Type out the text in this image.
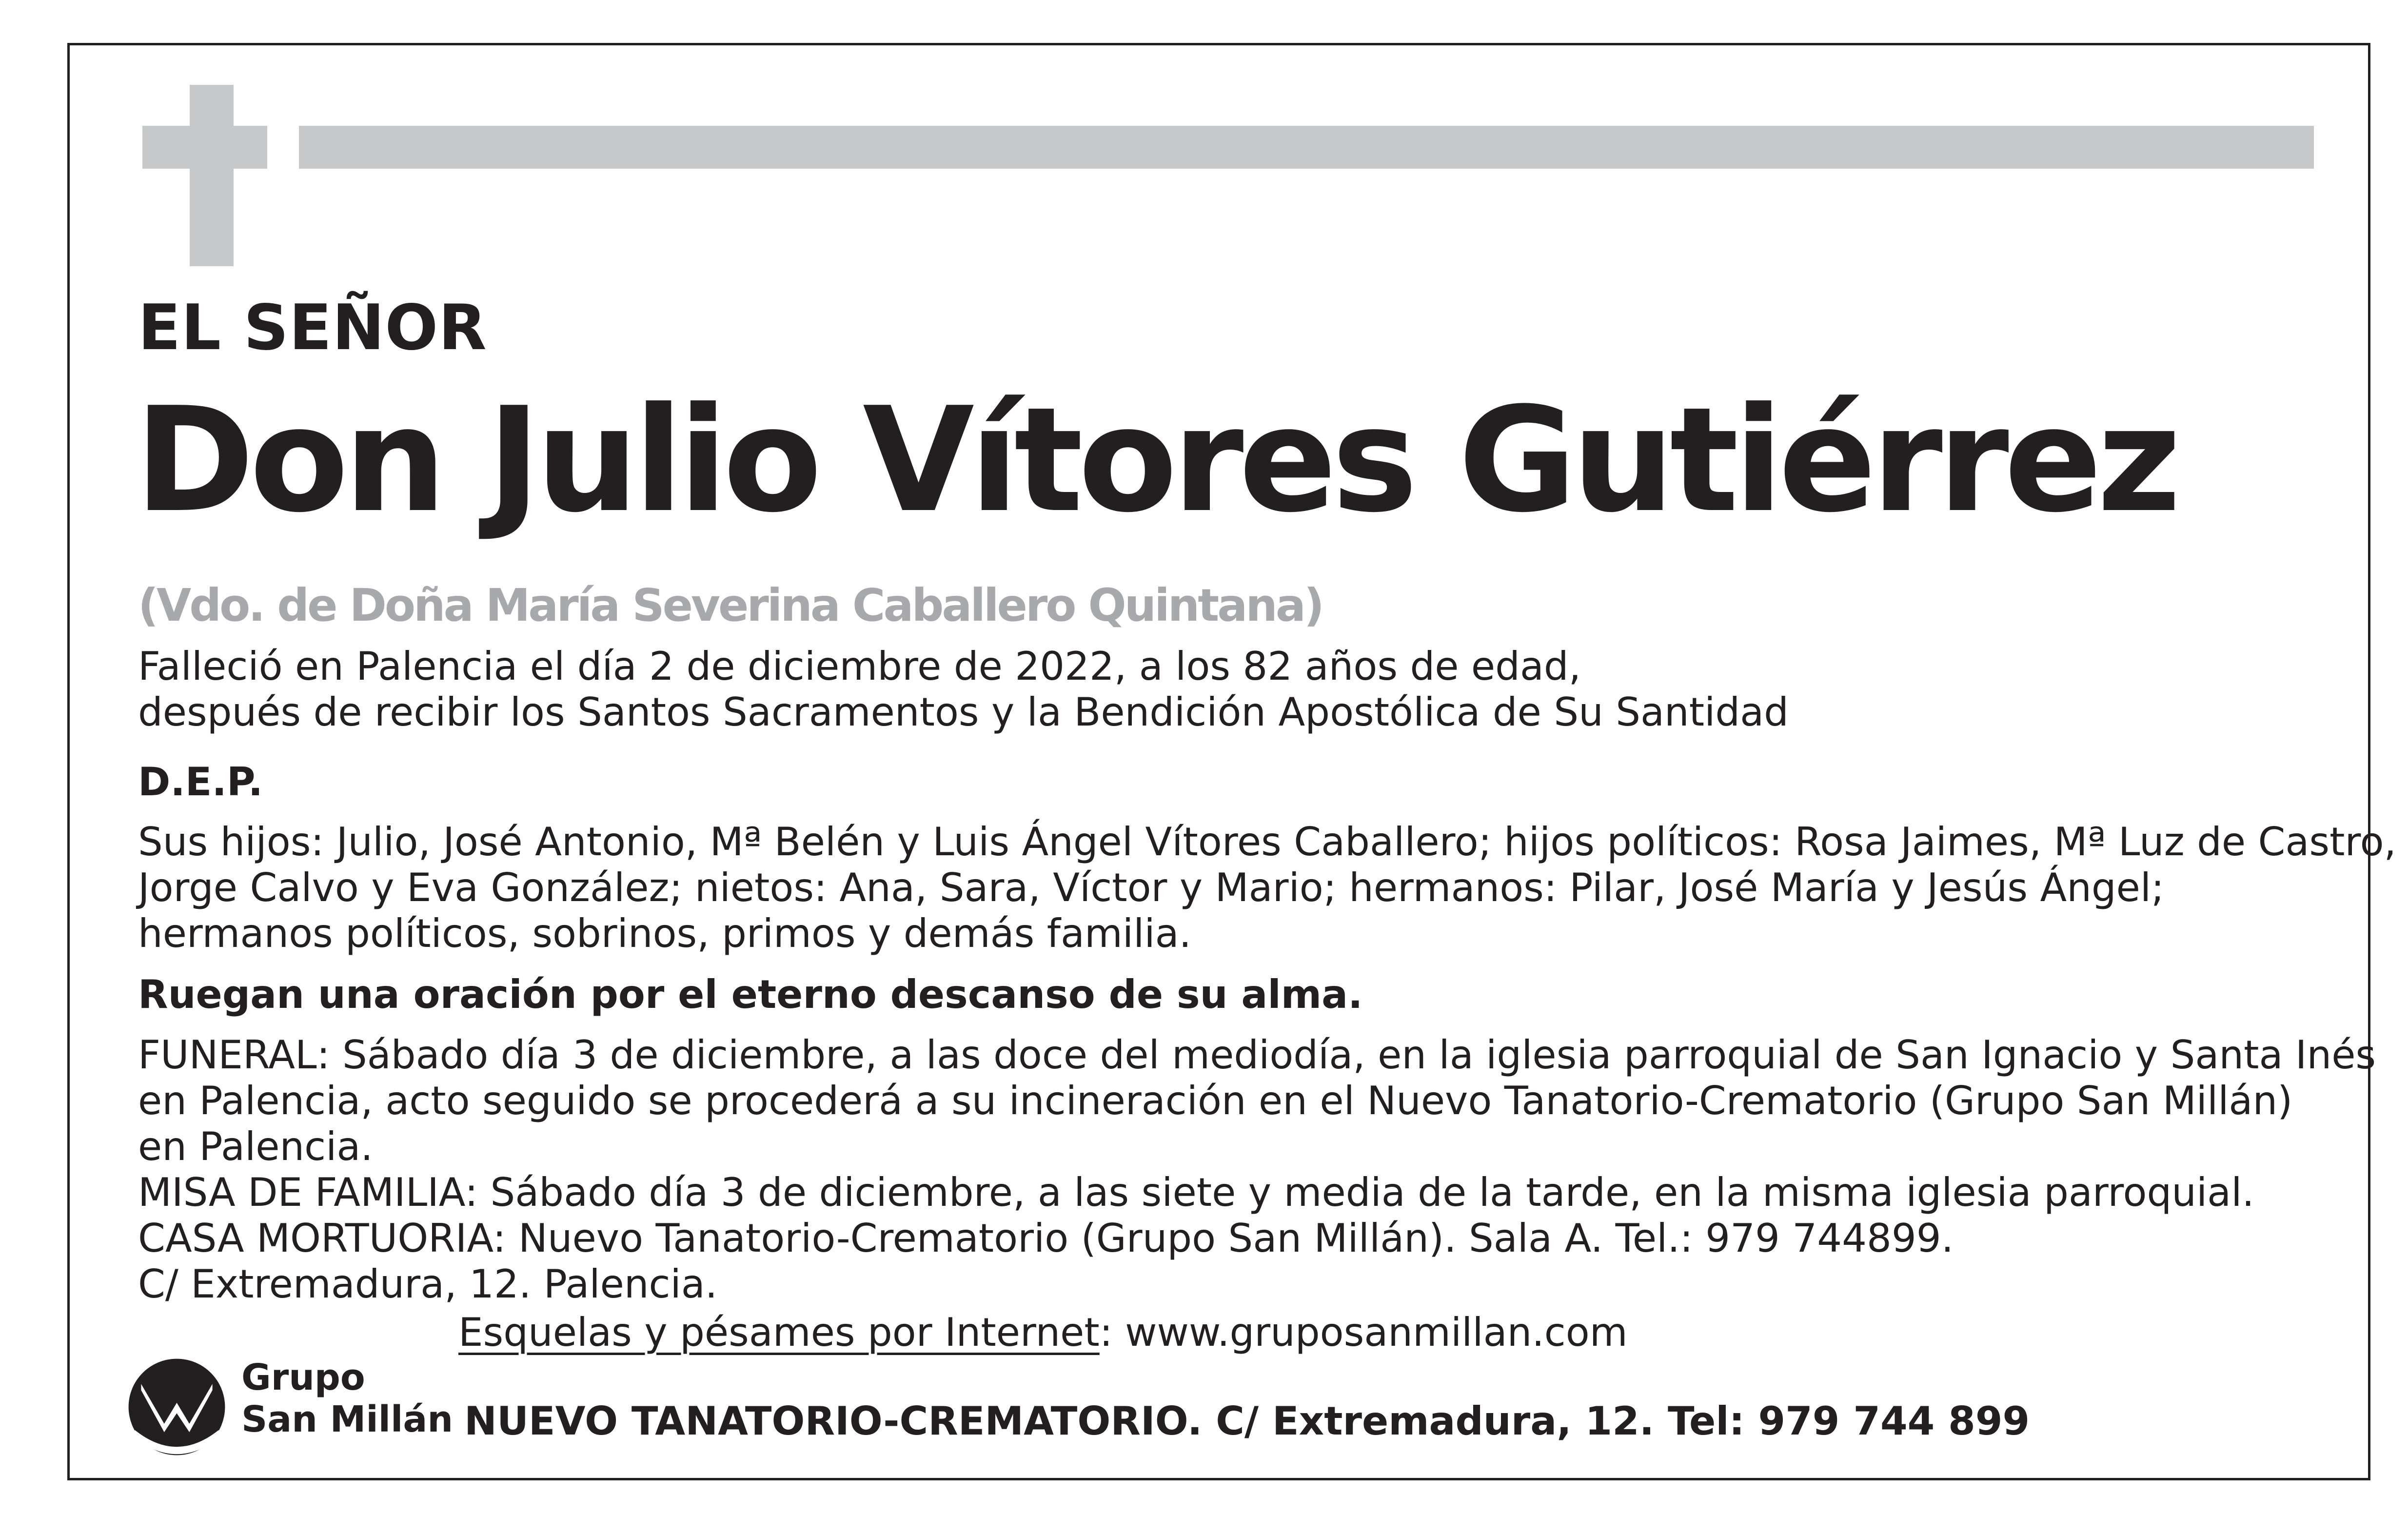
EL SEÑOR
Don Julio Vítores Gutiérrez
(Vdo. de Doña María Severina Caballero Quintana)
Falleció en Palencia el día 2 de diciembre de 2022, a los 82 años de edad,
después de recibir los Santos Sacramentos y la Bendición Apostólica de Su Santidad
D.E.P.
Sus hijos: Julio, José Antonio, Mª Belén y Luis Ángel Vítores Caballero; hijos políticos: Rosa Jaimes, Mª Luz de Castro,
Jorge Calvo y Eva González; nietos: Ana, Sara, Víctor y Mario; hermanos: Pilar, José María y Jesús Ángel;
hermanos políticos, sobrinos, primos y demás familia.
Ruegan una oración por el eterno descanso de su alma.
FUNERAL: Sábado día 3 de diciembre, a las doce del mediodía, en la iglesia parroquial de San Ignacio y Santa Inés
en Palencia, acto seguido se procederá a su incineración en el Nuevo Tanatorio-Crematorio (Grupo San Millán)
en Palencia.
MISA DE FAMILIA: Sábado día 3 de diciembre, a las siete y media de la tarde, en la misma iglesia parroquial.
CASA MORTUORIA: Nuevo Tanatorio-Crematorio (Grupo San Millán). Sala A. Tel.: 979 744899.
C/ Extremadura, 12. Palencia.
Esquelas y pésames por Internet: www.gruposanmillan.com
Grupo
San Millán NUEVO TANATORIO-CREMATORIO. C/ Extremadura, 12. Tel: 979 744 899
